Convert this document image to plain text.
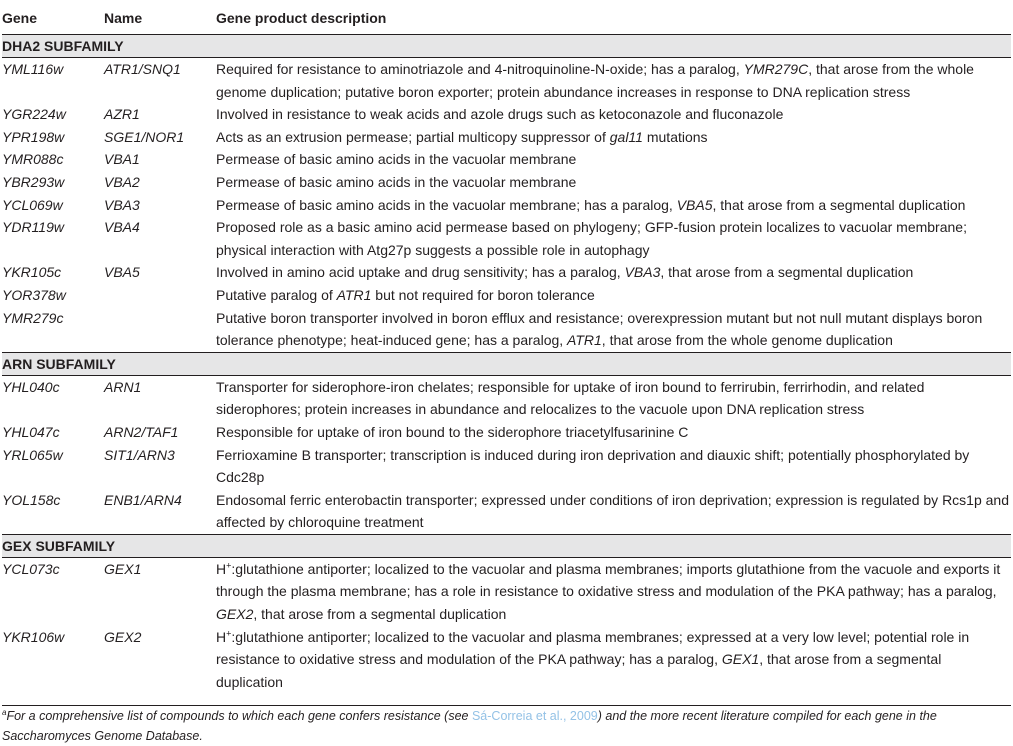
Gene	Name	Gene product description

DHA2 SUBFAMILY		

YML116w	ATR1/SNQ1	Required for resistance to aminotriazole and 4-nitroquinoline-N-oxide; has a paralog, YMR279C, that arose from the whole genome duplication; putative boron exporter; protein abundance increases in response to DNA replication stress
YGR224w	AZR1	Involved in resistance to weak acids and azole drugs such as ketoconazole and fluconazole
YPR198w	SGE1/NOR1	Acts as an extrusion permease; partial multicopy suppressor of gal11 mutations
YMR088c	VBA1	Permease of basic amino acids in the vacuolar membrane
YBR293w	VBA2	Permease of basic amino acids in the vacuolar membrane
YCL069w	VBA3	Permease of basic amino acids in the vacuolar membrane; has a paralog, VBA5, that arose from a segmental duplication
YDR119w	VBA4	Proposed role as a basic amino acid permease based on phylogeny; GFP-fusion protein localizes to vacuolar membrane; physical interaction with Atg27p suggests a possible role in autophagy
YKR105c	VBA5	Involved in amino acid uptake and drug sensitivity; has a paralog, VBA3, that arose from a segmental duplication
YOR378w		Putative paralog of ATR1 but not required for boron tolerance
YMR279c		Putative boron transporter involved in boron efflux and resistance; overexpression mutant but not null mutant displays boron tolerance phenotype; heat-induced gene; has a paralog, ATR1, that arose from the whole genome duplication

ARN SUBFAMILY		

YHL040c	ARN1	Transporter for siderophore-iron chelates; responsible for uptake of iron bound to ferrirubin, ferrirhodin, and related siderophores; protein increases in abundance and relocalizes to the vacuole upon DNA replication stress
YHL047c	ARN2/TAF1	Responsible for uptake of iron bound to the siderophore triacetylfusarinine C
YRL065w	SIT1/ARN3	Ferrioxamine B transporter; transcription is induced during iron deprivation and diauxic shift; potentially phosphorylated by Cdc28p
YOL158c	ENB1/ARN4	Endosomal ferric enterobactin transporter; expressed under conditions of iron deprivation; expression is regulated by Rcs1p and affected by chloroquine treatment

GEX SUBFAMILY		

YCL073c	GEX1	H+:glutathione antiporter; localized to the vacuolar and plasma membranes; imports glutathione from the vacuole and exports it through the plasma membrane; has a role in resistance to oxidative stress and modulation of the PKA pathway; has a paralog, GEX2, that arose from a segmental duplication
YKR106w	GEX2	H+:glutathione antiporter; localized to the vacuolar and plasma membranes; expressed at a very low level; potential role in resistance to oxidative stress and modulation of the PKA pathway; has a paralog, GEX1, that arose from a segmental duplication

$^a$For a comprehensive list of compounds to which each gene confers resistance (see Sá-Correia et al., 2009) and the more recent literature compiled for each gene in the Saccharomyces Genome Database.
